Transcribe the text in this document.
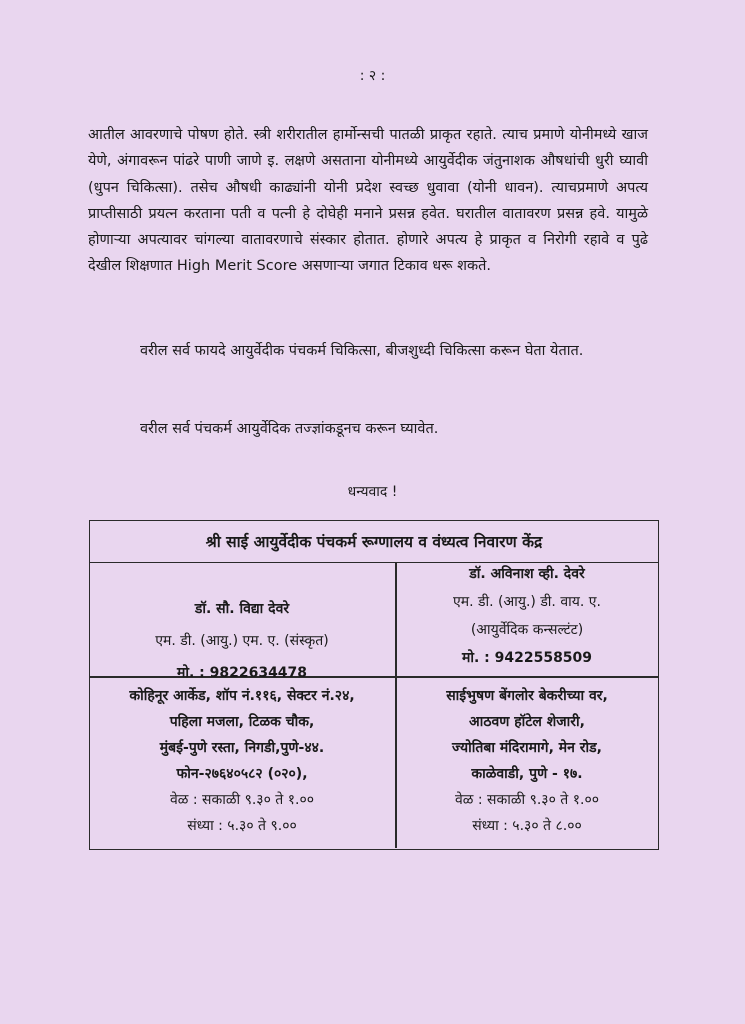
: २ :

आतील आवरणाचे पोषण होते. स्त्री शरीरातील हार्मोन्सची पातळी प्राकृत रहाते. त्याच प्रमाणे योनीमध्ये खाज येणे, अंगावरून पांढरे पाणी जाणे इ. लक्षणे असताना योनीमध्ये आयुर्वेदीक जंतुनाशक औषधांची धुरी घ्यावी (धुपन चिकित्सा). तसेच औषधी काढ्यांनी योनी प्रदेश स्वच्छ धुवावा (योनी धावन). त्याचप्रमाणे अपत्य प्राप्तीसाठी प्रयत्न करताना पती व पत्नी हे दोघेही मनाने प्रसन्न हवेत. घरातील वातावरण प्रसन्न हवे. यामुळे होणाऱ्या अपत्यावर चांगल्या वातावरणाचे संस्कार होतात. होणारे अपत्य हे प्राकृत व निरोगी रहावे व पुढे देखील शिक्षणात High Merit Score असणाऱ्या जगात टिकाव धरू शकते.

वरील सर्व फायदे आयुर्वेदीक पंचकर्म चिकित्सा, बीजशुध्दी चिकित्सा करून घेता येतात.
वरील सर्व पंचकर्म आयुर्वेदिक तज्ज्ञांकडूनच करून घ्यावेत.
धन्यवाद !
श्री साई आयुर्वेदीक पंचकर्म रूग्णालय व वंध्यत्व निवारण केंद्र
डॉ. सौ. विद्या देवरे
एम. डी. (आयु.) एम. ए. (संस्कृत)
मो. : 9822634478
डॉ. अविनाश व्ही. देवरे
एम. डी. (आयु.) डी. वाय. ए.
(आयुर्वेदिक कन्सल्टंट)
मो. : 9422558509
कोहिनूर आर्केड, शॉप नं.११६, सेक्टर नं.२४,
पहिला मजला, टिळक चौक,
मुंबई-पुणे रस्ता, निगडी,पुणे-४४.
फोन-२७६४०५८२ (०२०),
वेळ : सकाळी ९.३० ते १.००
संध्या : ५.३० ते ९.००
साईभुषण बेंगलोर बेकरीच्या वर,
आठवण हॉटेल शेजारी,
ज्योतिबा मंदिरामागे, मेन रोड,
काळेवाडी, पुणे - १७.
वेळ : सकाळी ९.३० ते १.००
संध्या : ५.३० ते ८.००
